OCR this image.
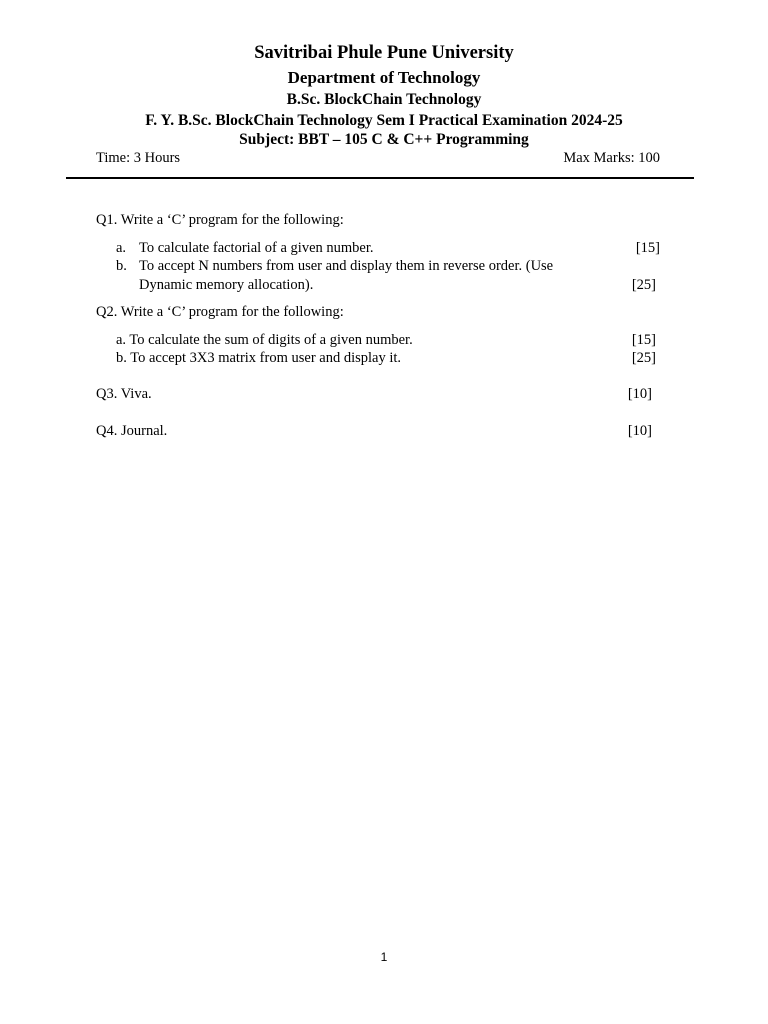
Savitribai Phule Pune University
Department of Technology
B.Sc. BlockChain Technology
F. Y. B.Sc. BlockChain Technology Sem I Practical Examination 2024-25
Subject: BBT – 105 C & C++ Programming
Time: 3 Hours	Max Marks: 100
Q1. Write a ‘C’ program for the following:
a. To calculate factorial of a given number.	[15]
b. To accept N numbers from user and display them in reverse order. (Use
Dynamic memory allocation).	[25]
Q2. Write a ‘C’ program for the following:
a. To calculate the sum of digits of a given number.	[15]
b. To accept 3X3 matrix from user and display it.	[25]
Q3. Viva.	[10]
Q4. Journal.	[10]
1
